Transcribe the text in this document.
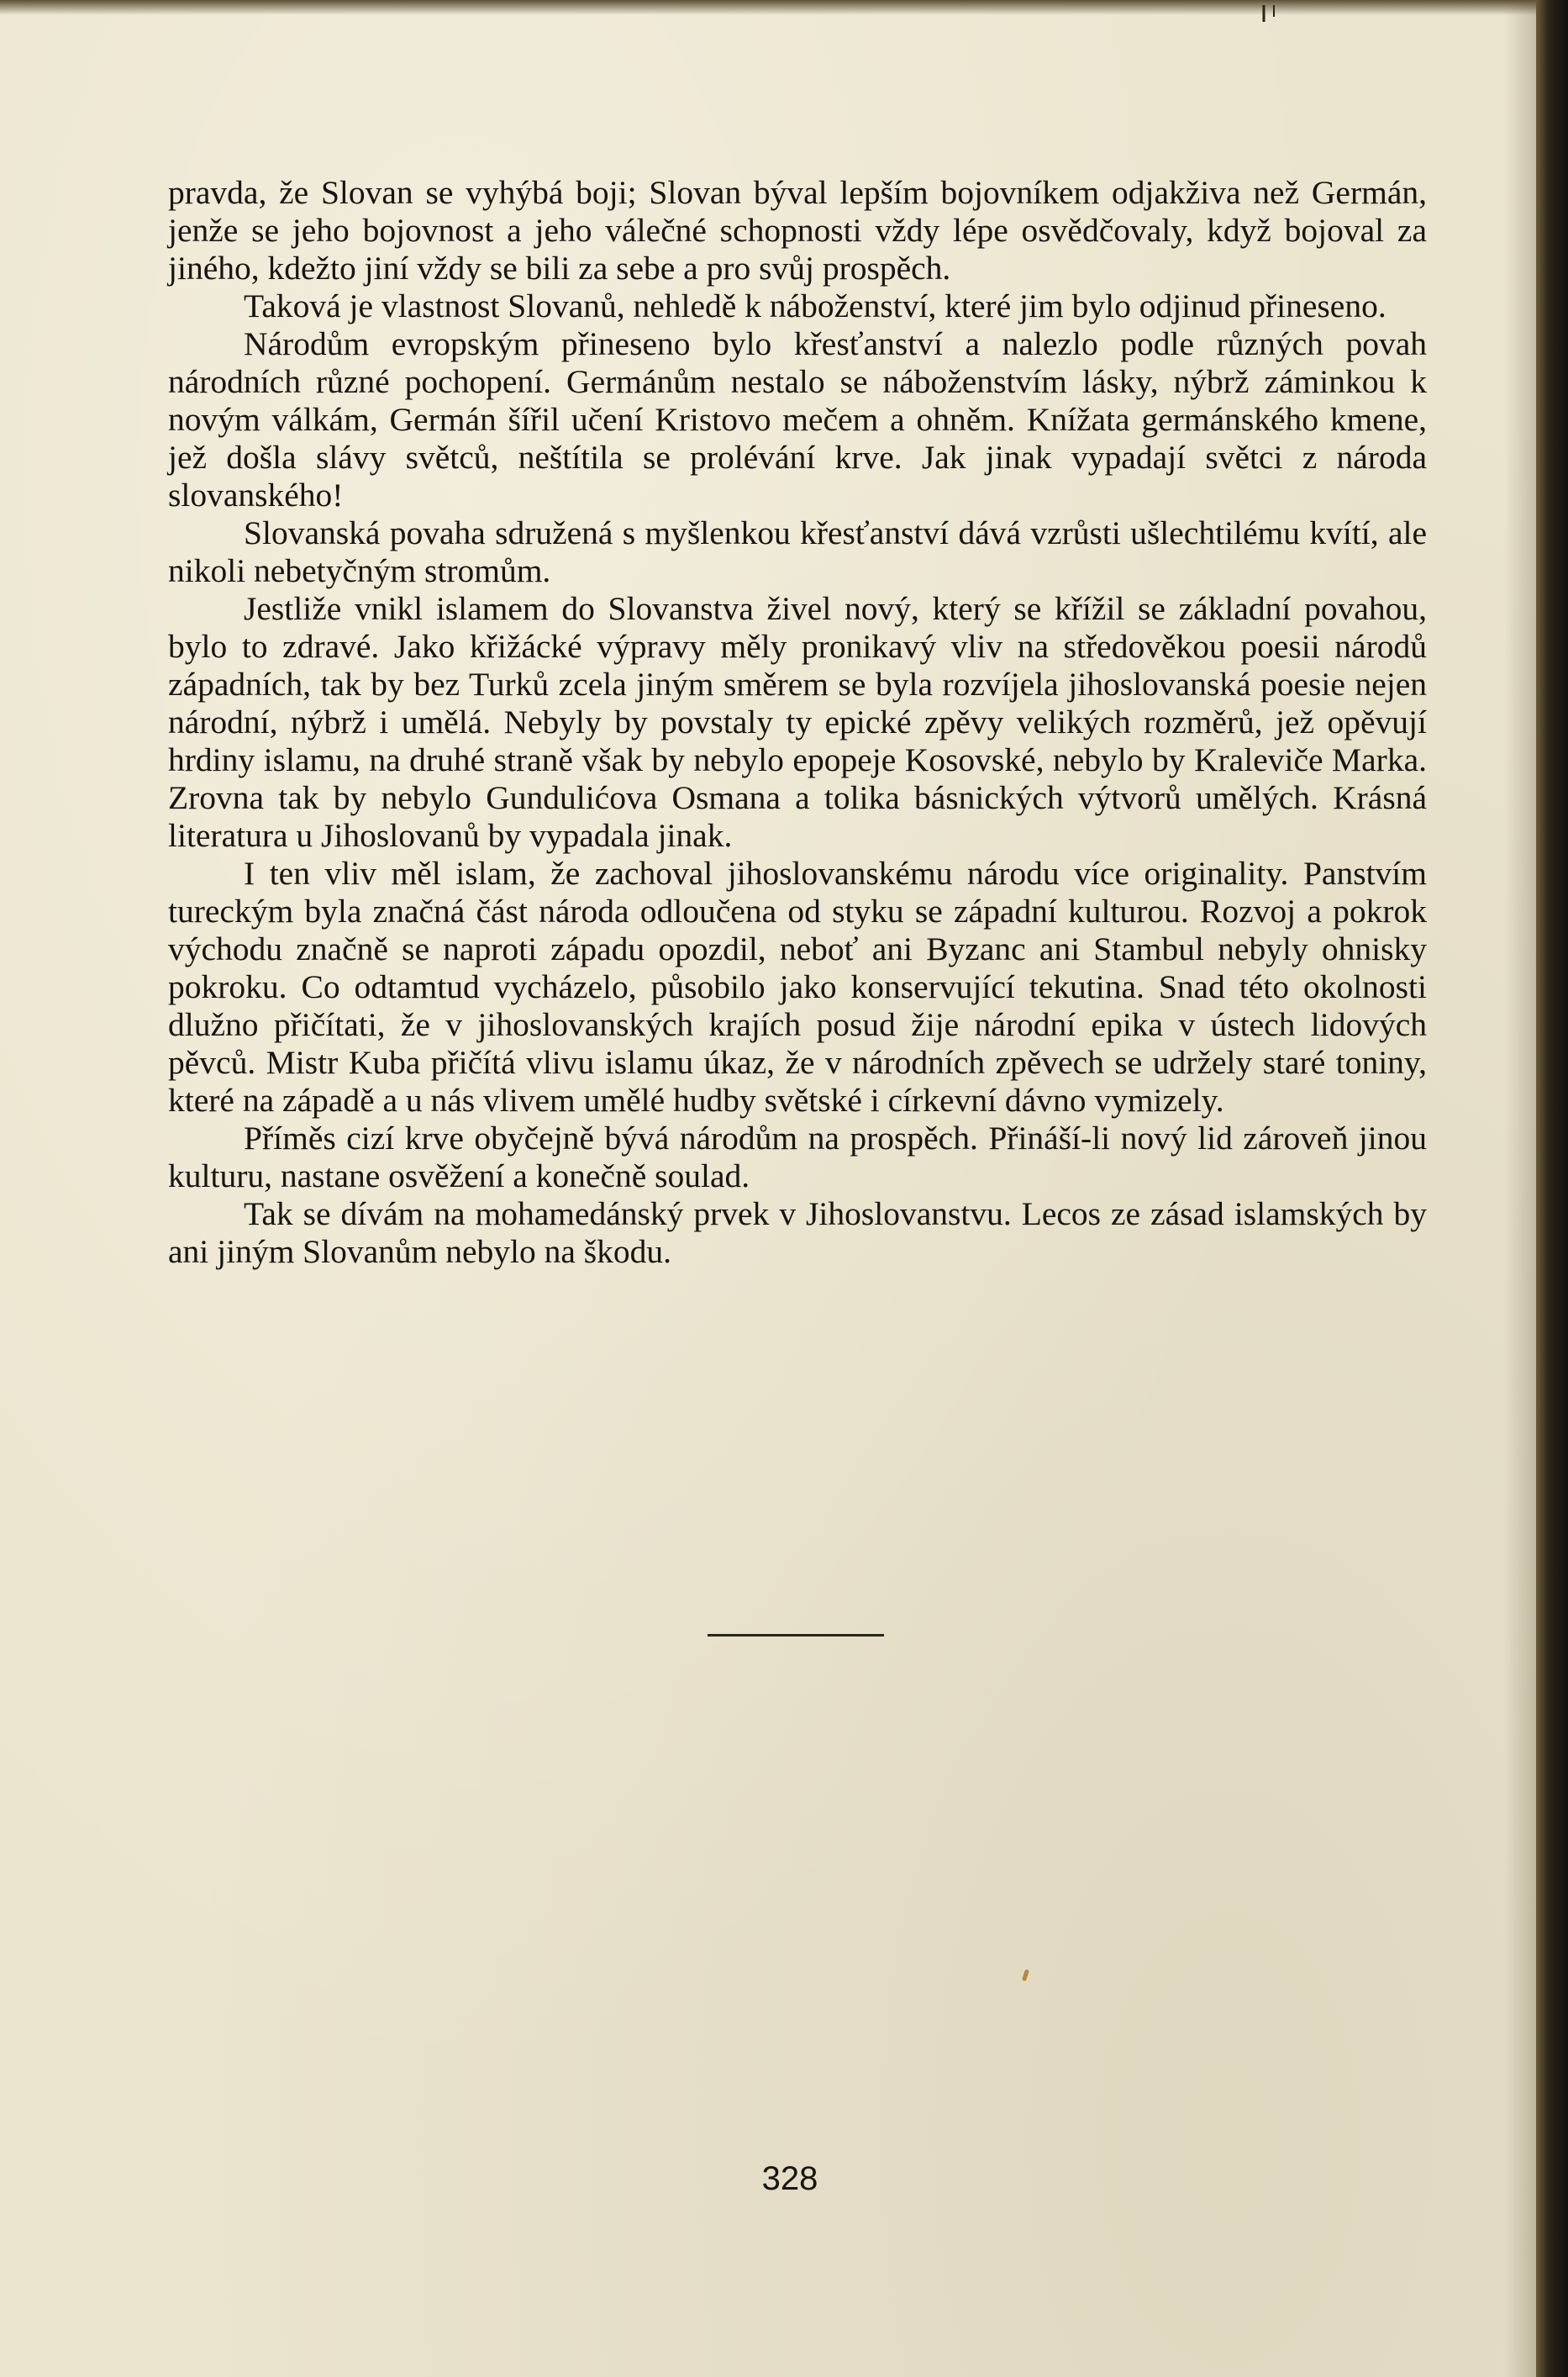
pravda, že Slovan se vyhýbá boji; Slovan býval lepším bojovníkem odjakživa než Germán, jenže se jeho bojovnost a jeho válečné schopnosti vždy lépe osvědčovaly, když bojoval za jiného, kdežto jiní vždy se bili za sebe a pro svůj prospěch.

Taková je vlastnost Slovanů, nehledě k náboženství, které jim bylo odjinud přineseno.

Národům evropským přineseno bylo křesťanství a nalezlo podle různých povah národních různé pochopení. Germánům nestalo se náboženstvím lásky, nýbrž záminkou k novým válkám, Germán šířil učení Kristovo mečem a ohněm. Knížata germánského kmene, jež došla slávy světců, neštítila se prolévání krve. Jak jinak vypadají světci z národa slovanského!

Slovanská povaha sdružená s myšlenkou křesťanství dává vzrůsti ušlechtilému kvítí, ale nikoli nebetyčným stromům.

Jestliže vnikl islamem do Slovanstva živel nový, který se křížil se základní povahou, bylo to zdravé. Jako křižácké výpravy měly pronikavý vliv na středověkou poesii národů západních, tak by bez Turků zcela jiným směrem se byla rozvíjela jihoslovanská poesie nejen národní, nýbrž i umělá. Nebyly by povstaly ty epické zpěvy velikých rozměrů, jež opěvují hrdiny islamu, na druhé straně však by nebylo epopeje Kosovské, nebylo by Kraleviče Marka. Zrovna tak by nebylo Gundulićova Osmana a tolika básnických výtvorů umělých. Krásná literatura u Jihoslovanů by vypadala jinak.

I ten vliv měl islam, že zachoval jihoslovanskému národu více originality. Panstvím tureckým byla značná část národa odloučena od styku se západní kulturou. Rozvoj a pokrok východu značně se naproti západu opozdil, neboť ani Byzanc ani Stambul nebyly ohnisky pokroku. Co odtamtud vycházelo, působilo jako konservující tekutina. Snad této okolnosti dlužno přičítati, že v jihoslovanských krajích posud žije národní epika v ústech lidových pěvců. Mistr Kuba přičítá vlivu islamu úkaz, že v národních zpěvech se udržely staré toniny, které na západě a u nás vlivem umělé hudby světské i církevní dávno vymizely.

Příměs cizí krve obyčejně bývá národům na prospěch. Přináší-li nový lid zároveň jinou kulturu, nastane osvěžení a konečně soulad.

Tak se dívám na mohamedánský prvek v Jihoslovanstvu. Lecos ze zásad islamských by ani jiným Slovanům nebylo na škodu.

328
